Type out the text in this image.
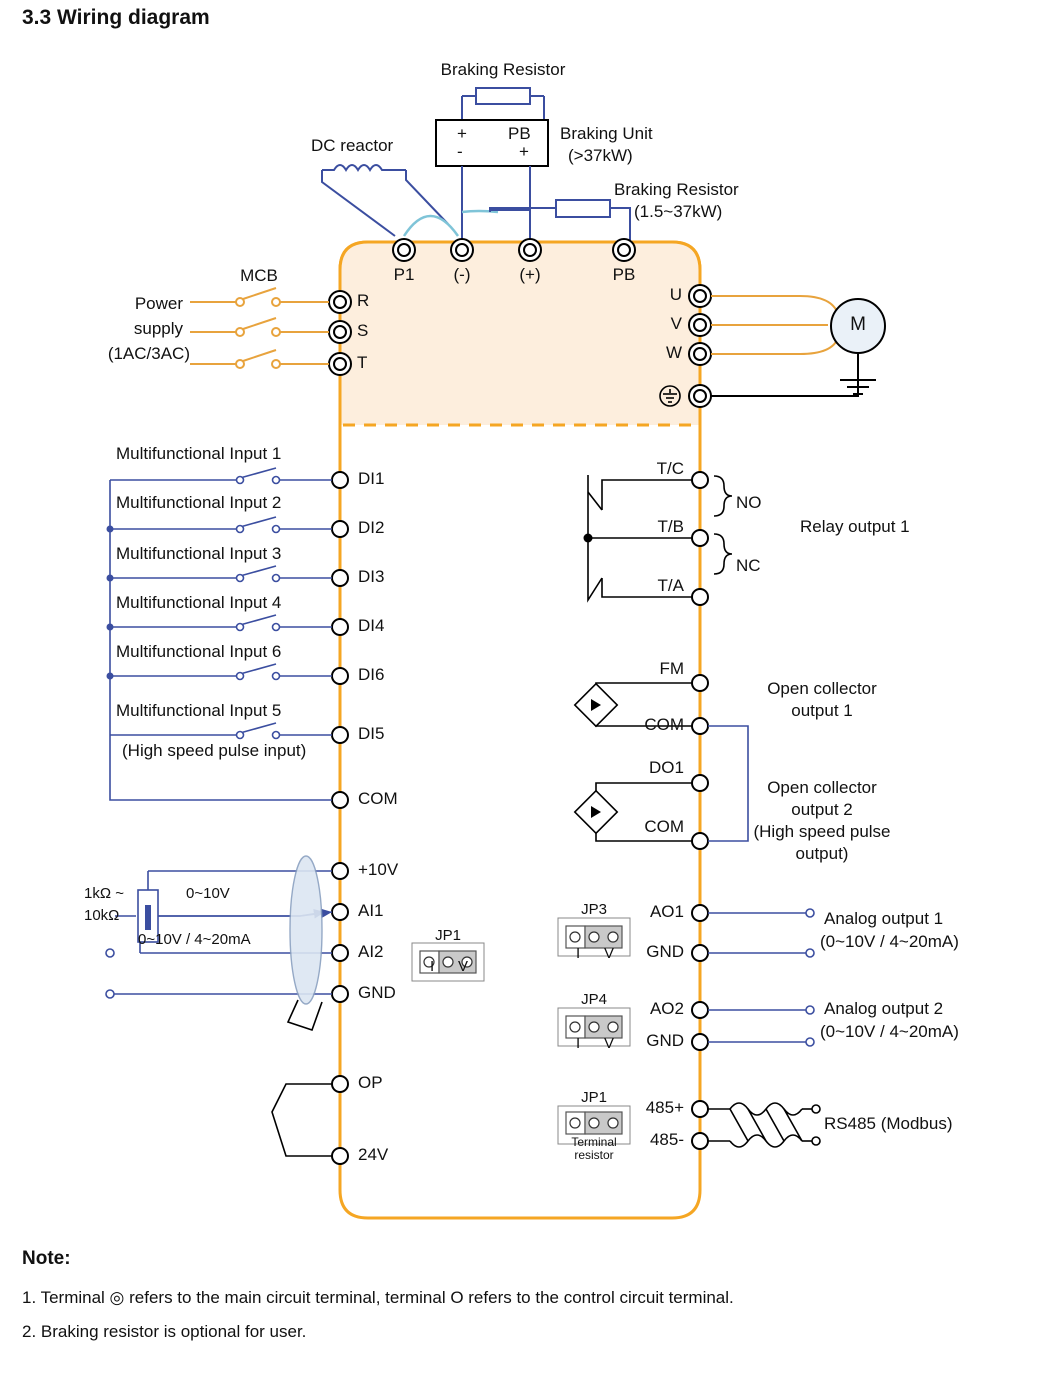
3.3 Wiring diagram
Braking Resistor
DC reactor
+ PB
-	+
Braking Unit
(>37kW)
Braking Resistor
(1.5~37kW)
P1 (-)	(+)	PB
MCB
Power
supply
(1AC/3AC)
R
S
T
U
V
W
M
Multifunctional Input 1
Multifunctional Input 2
Multifunctional Input 3
Multifunctional Input 4
Multifunctional Input 6
Multifunctional Input 5
(High speed pulse input)
DI1
DI2
DI3
DI4
DI6
DI5
COM
+10V
AI1
AI2
GND
1kΩ ~
10kΩ
0~10V
0~10V / 4~20mA	JP1
I V
OP
24V
T/C
T/B
T/A
NO
NC
Relay output 1
FM
COM
DO1
COM
Open collector
output 1
Open collector
output 2
(High speed pulse
output)
JP3
I V
JP4
I V
AO1
GND
AO2
GND
Analog output 1
(0~10V / 4~20mA)
Analog output 2
(0~10V / 4~20mA)
JP1
Terminal
resistor
485+
485-
RS485 (Modbus)
Note:
1. Terminal ◎ refers to the main circuit terminal, terminal O refers to the control circuit terminal.
2. Braking resistor is optional for user.
